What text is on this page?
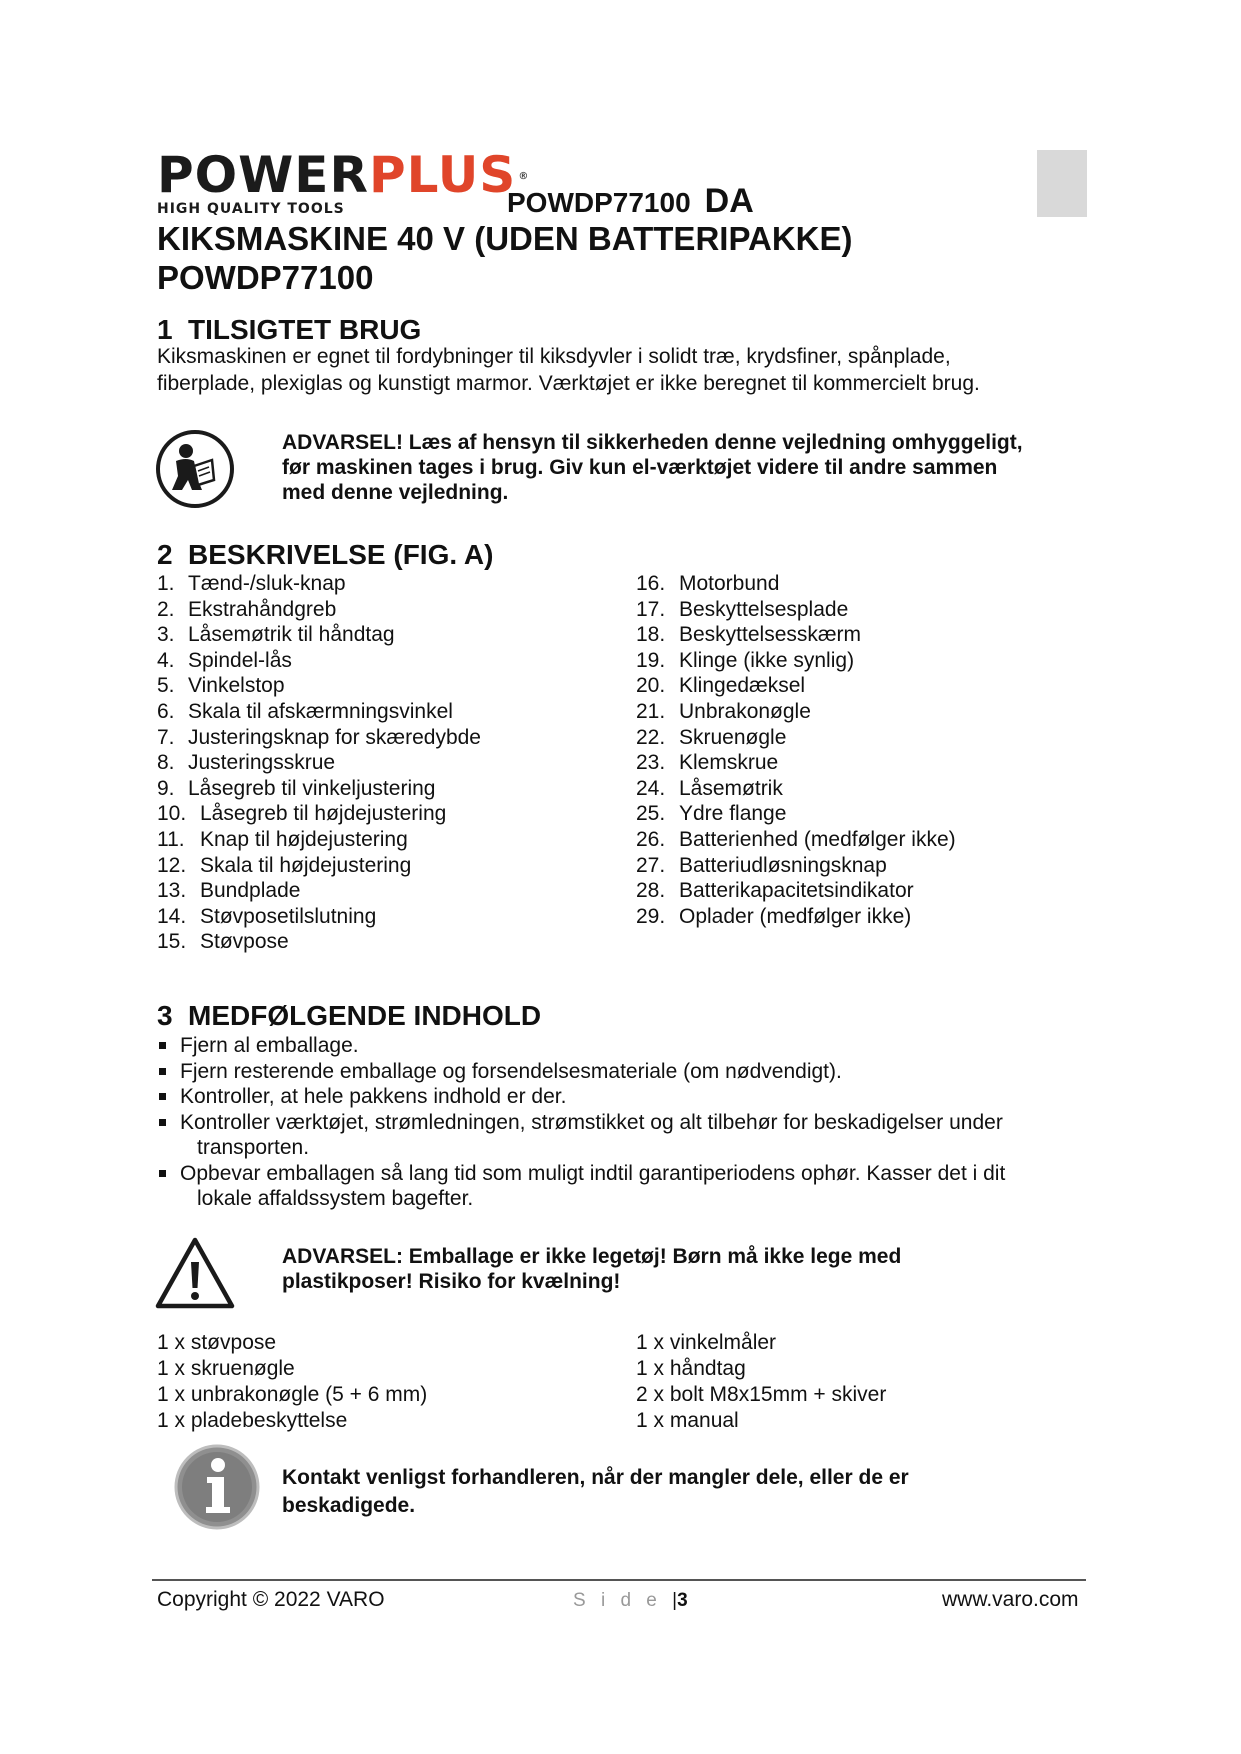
POWERPLUS ®
HIGH QUALITY TOOLS	POWDP77100 DA
KIKSMASKINE 40 V (UDEN BATTERIPAKKE)
POWDP77100
1 TILSIGTET BRUG
Kiksmaskinen er egnet til fordybninger til kiksdyvler i solidt træ, krydsfiner, spånplade,
fiberplade, plexiglas og kunstigt marmor. Værktøjet er ikke beregnet til kommercielt brug.
ADVARSEL! Læs af hensyn til sikkerheden denne vejledning omhyggeligt,
før maskinen tages i brug. Giv kun el-værktøjet videre til andre sammen
med denne vejledning.
2 BESKRIVELSE (FIG. A)
1. Tænd-/sluk-knap
2. Ekstrahåndgreb
3. Låsemøtrik til håndtag
4. Spindel-lås
5. Vinkelstop
6. Skala til afskærmningsvinkel
7. Justeringsknap for skæredybde
8. Justeringsskrue
9. Låsegreb til vinkeljustering
10. Låsegreb til højdejustering
11. Knap til højdejustering
12. Skala til højdejustering
13. Bundplade
14. Støvposetilslutning
15. Støvpose
16. Motorbund
17. Beskyttelsesplade
18. Beskyttelsesskærm
19. Klinge (ikke synlig)
20. Klingedæksel
21. Unbrakonøgle
22. Skruenøgle
23. Klemskrue
24. Låsemøtrik
25. Ydre flange
26. Batterienhed (medfølger ikke)
27. Batteriudløsningsknap
28. Batterikapacitetsindikator
29. Oplader (medfølger ikke)
3 MEDFØLGENDE INDHOLD
Fjern al emballage.
Fjern resterende emballage og forsendelsesmateriale (om nødvendigt).
Kontroller, at hele pakkens indhold er der.
Kontroller værktøjet, strømledningen, strømstikket og alt tilbehør for beskadigelser under
transporten.
Opbevar emballagen så lang tid som muligt indtil garantiperiodens ophør. Kasser det i dit
lokale affaldssystem bagefter.
ADVARSEL: Emballage er ikke legetøj! Børn må ikke lege med
plastikposer! Risiko for kvælning!
1 x støvpose
1 x skruenøgle
1 x unbrakonøgle (5 + 6 mm)
1 x pladebeskyttelse
1 x vinkelmåler
1 x håndtag
2 x bolt M8x15mm + skiver
1 x manual
Kontakt venligst forhandleren, når der mangler dele, eller de er
beskadigede.
Copyright © 2022 VARO	S i d e |3	www.varo.com
